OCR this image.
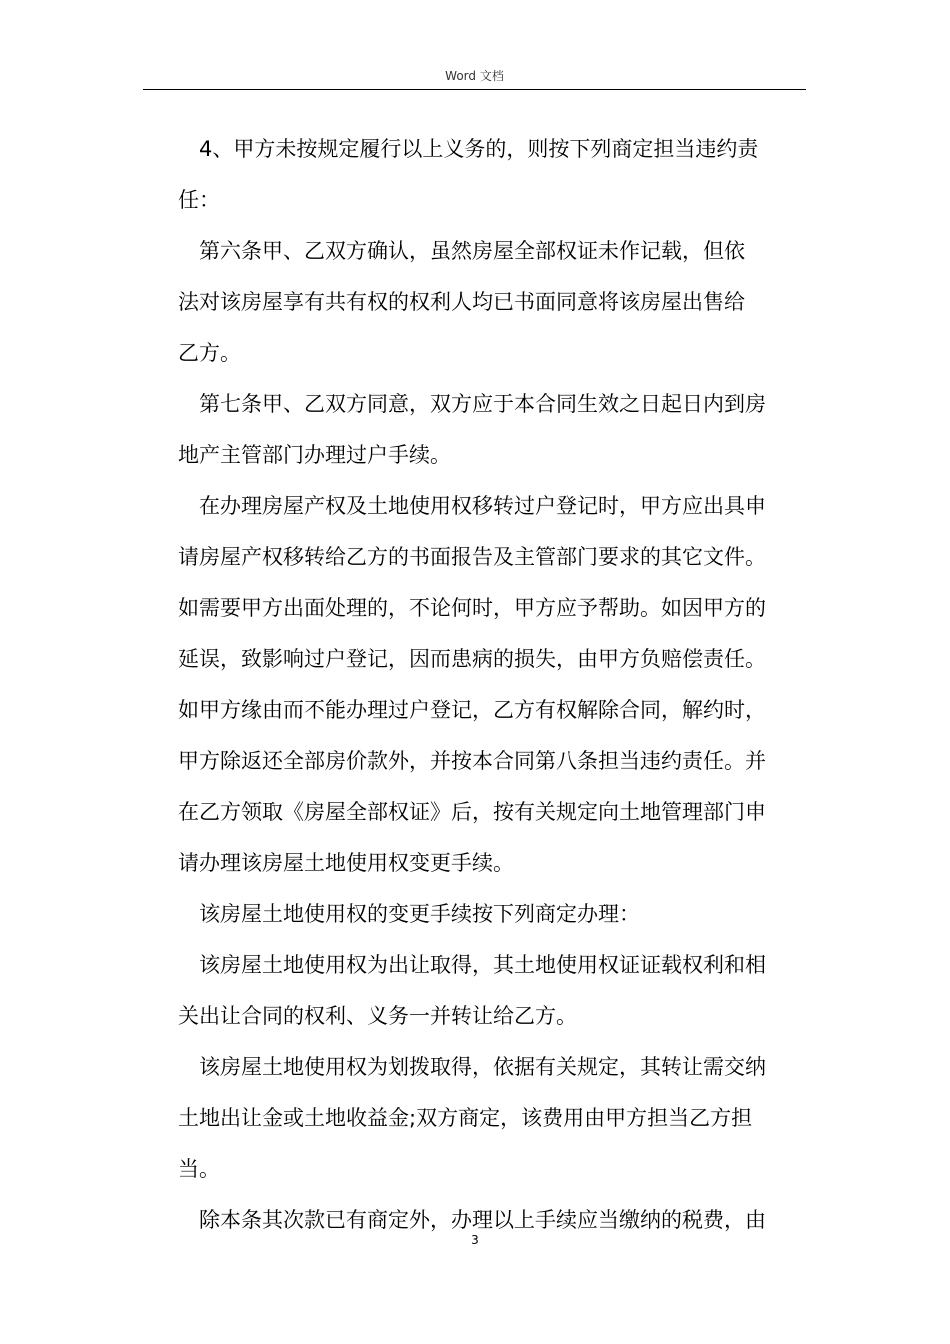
Word 文档
4、甲方未按规定履行以上义务的，则按下列商定担当违约责
任：
第六条甲、乙双方确认，虽然房屋全部权证未作记载，但依
法对该房屋享有共有权的权利人均已书面同意将该房屋出售给
乙方。
第七条甲、乙双方同意，双方应于本合同生效之日起日内到房
地产主管部门办理过户手续。
在办理房屋产权及土地使用权移转过户登记时，甲方应出具申
请房屋产权移转给乙方的书面报告及主管部门要求的其它文件。
如需要甲方出面处理的，不论何时，甲方应予帮助。如因甲方的
延误，致影响过户登记，因而患病的损失，由甲方负赔偿责任。
如甲方缘由而不能办理过户登记，乙方有权解除合同，解约时，
甲方除返还全部房价款外，并按本合同第八条担当违约责任。并
在乙方领取《房屋全部权证》后，按有关规定向土地管理部门申
请办理该房屋土地使用权变更手续。
该房屋土地使用权的变更手续按下列商定办理：
该房屋土地使用权为出让取得，其土地使用权证证载权利和相
关出让合同的权利、义务一并转让给乙方。
该房屋土地使用权为划拨取得，依据有关规定，其转让需交纳
土地出让金或土地收益金;双方商定，该费用由甲方担当乙方担
当。
除本条其次款已有商定外，办理以上手续应当缴纳的税费，由
3
